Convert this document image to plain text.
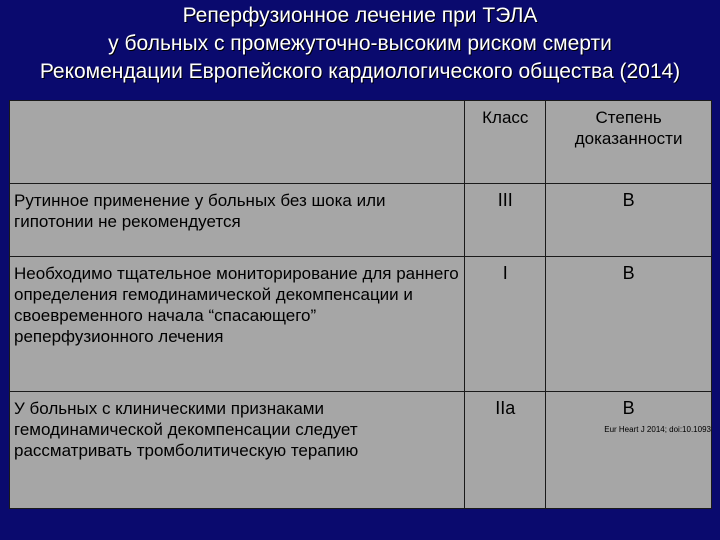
Реперфузионное лечение при ТЭЛА
у больных с промежуточно-высоким риском смерти
Рекомендации Европейского кардиологического общества (2014)
	Класс	Степень доказанности
Рутинное применение у больных без шока или гипотонии не рекомендуется	III	B
Необходимо тщательное мониторирование для раннего определения гемодинамической декомпенсации и своевременного начала “спасающего” реперфузионного лечения	I	B
У больных с клиническими признаками гемодинамической декомпенсации следует рассматривать тромболитическую терапию	IIa	B
Eur Heart J 2014; doi:10.1093
